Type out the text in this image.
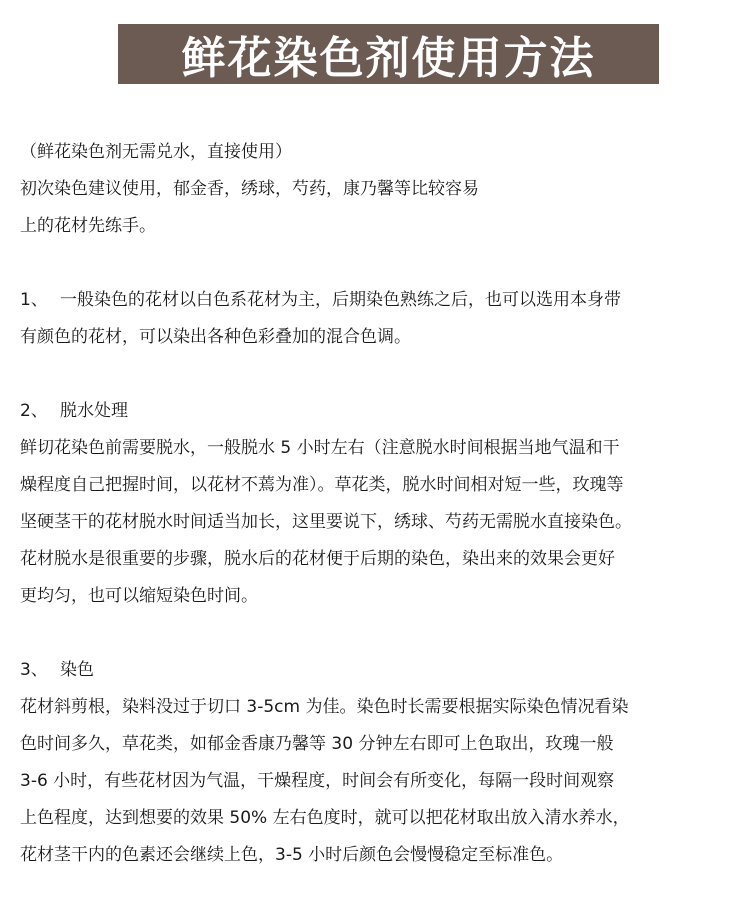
鲜花染色剂使用方法
（鲜花染色剂无需兑水，直接使用）
初次染色建议使用，郁金香，绣球，芍药，康乃馨等比较容易
上的花材先练手。
1、 一般染色的花材以白色系花材为主，后期染色熟练之后，也可以选用本身带
有颜色的花材，可以染出各种色彩叠加的混合色调。
2、 脱水处理
鲜切花染色前需要脱水，一般脱水 5 小时左右（注意脱水时间根据当地气温和干
燥程度自己把握时间，以花材不蔫为准）。草花类，脱水时间相对短一些，玫瑰等
坚硬茎干的花材脱水时间适当加长，这里要说下，绣球、芍药无需脱水直接染色。
花材脱水是很重要的步骤，脱水后的花材便于后期的染色，染出来的效果会更好
更均匀，也可以缩短染色时间。
3、 染色
花材斜剪根，染料没过于切口 3-5cm 为佳。染色时长需要根据实际染色情况看染
色时间多久，草花类，如郁金香康乃馨等 30 分钟左右即可上色取出，玫瑰一般
3-6 小时，有些花材因为气温，干燥程度，时间会有所变化，每隔一段时间观察
上色程度，达到想要的效果 50% 左右色度时，就可以把花材取出放入清水养水，
花材茎干内的色素还会继续上色，3-5 小时后颜色会慢慢稳定至标准色。
